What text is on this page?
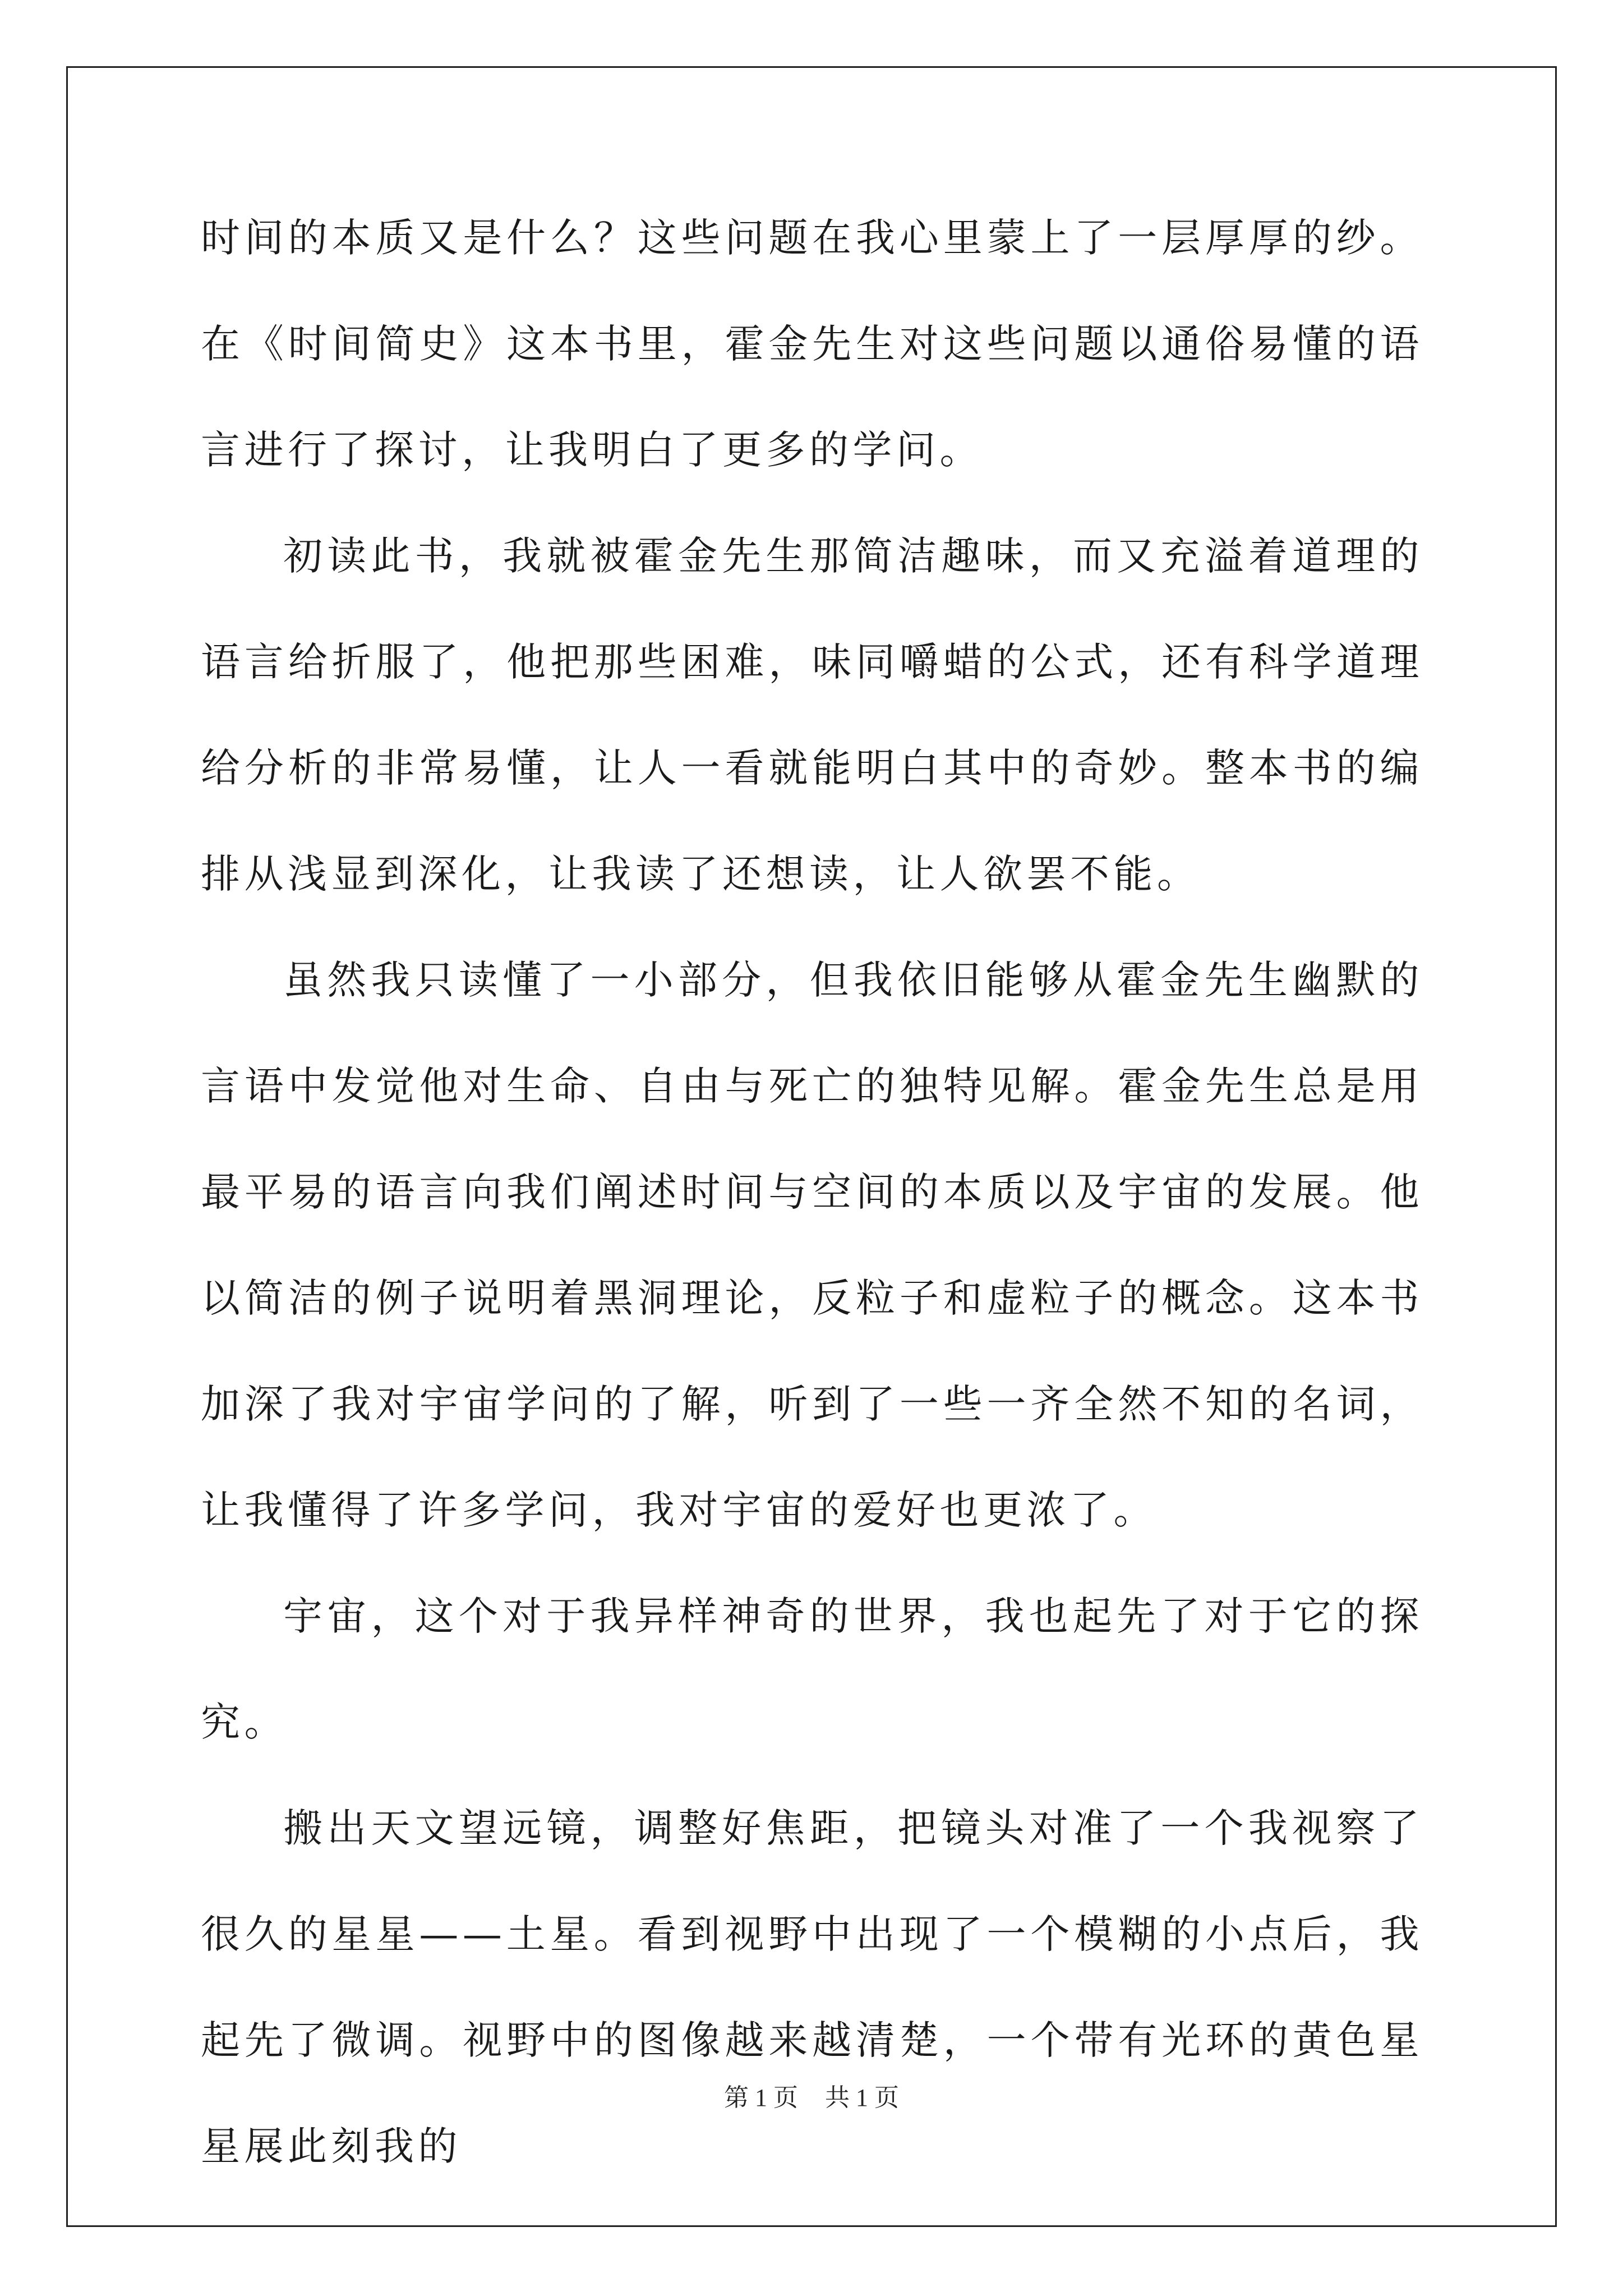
时间的本质又是什么？这些问题在我心里蒙上了一层厚厚的纱。在《时间简史》这本书里，霍金先生对这些问题以通俗易懂的语言进行了探讨，让我明白了更多的学问。

初读此书，我就被霍金先生那简洁趣味，而又充溢着道理的语言给折服了，他把那些困难，味同嚼蜡的公式，还有科学道理给分析的非常易懂，让人一看就能明白其中的奇妙。整本书的编排从浅显到深化，让我读了还想读，让人欲罢不能。

虽然我只读懂了一小部分，但我依旧能够从霍金先生幽默的言语中发觉他对生命、自由与死亡的独特见解。霍金先生总是用最平易的语言向我们阐述时间与空间的本质以及宇宙的发展。他以简洁的例子说明着黑洞理论，反粒子和虚粒子的概念。这本书加深了我对宇宙学问的了解，听到了一些一齐全然不知的名词，让我懂得了许多学问，我对宇宙的爱好也更浓了。

宇宙，这个对于我异样神奇的世界，我也起先了对于它的探究。

搬出天文望远镜，调整好焦距，把镜头对准了一个我视察了很久的星星——土星。看到视野中出现了一个模糊的小点后，我起先了微调。视野中的图像越来越清楚，一个带有光环的黄色星星展此刻我的

第 1 页 共 1 页
